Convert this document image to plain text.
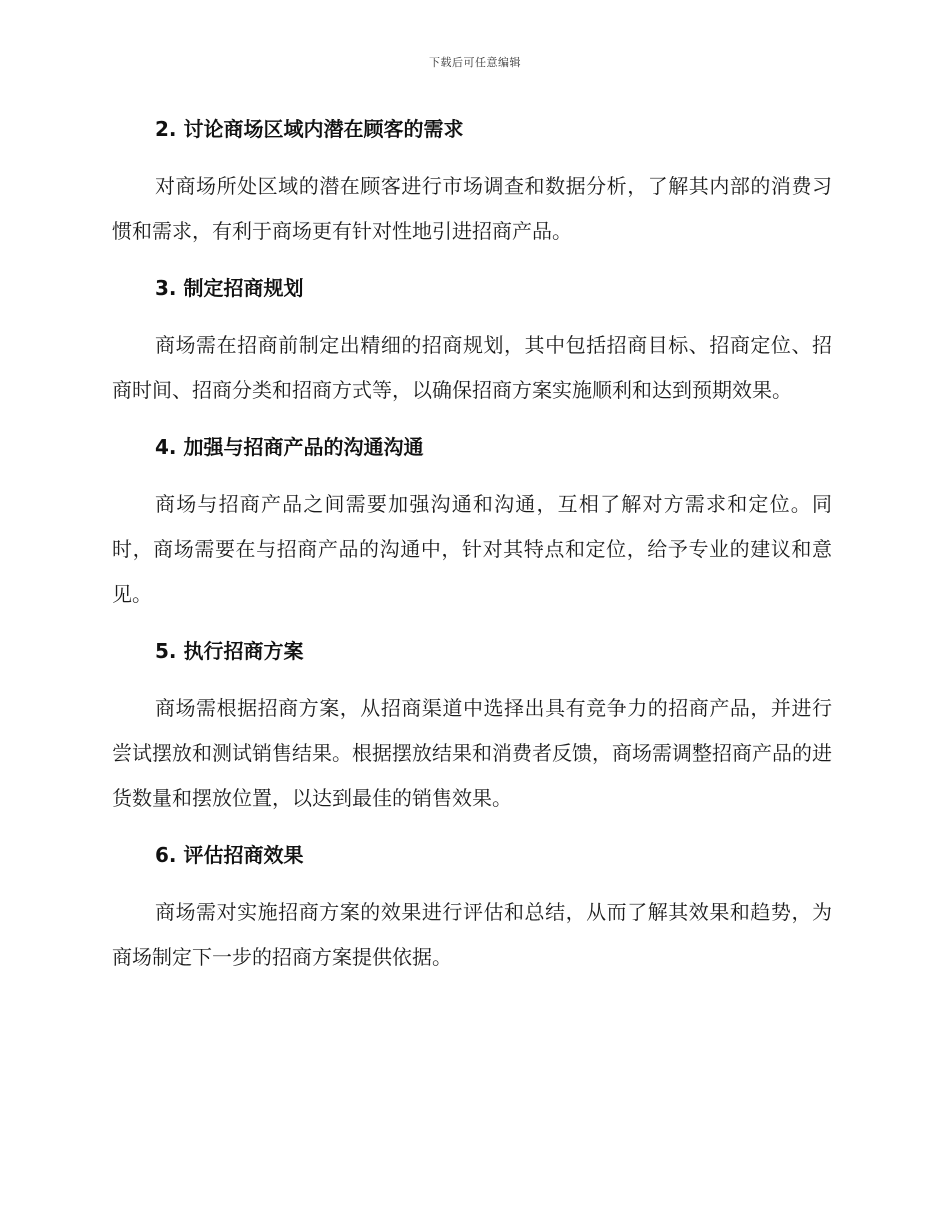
下载后可任意编辑
2. 讨论商场区域内潜在顾客的需求

对商场所处区域的潜在顾客进行市场调查和数据分析，了解其内部的消费习惯和需求，有利于商场更有针对性地引进招商产品。

3. 制定招商规划

商场需在招商前制定出精细的招商规划，其中包括招商目标、招商定位、招商时间、招商分类和招商方式等，以确保招商方案实施顺利和达到预期效果。

4. 加强与招商产品的沟通沟通

商场与招商产品之间需要加强沟通和沟通，互相了解对方需求和定位。同时，商场需要在与招商产品的沟通中，针对其特点和定位，给予专业的建议和意见。

5. 执行招商方案

商场需根据招商方案，从招商渠道中选择出具有竞争力的招商产品，并进行尝试摆放和测试销售结果。根据摆放结果和消费者反馈，商场需调整招商产品的进货数量和摆放位置，以达到最佳的销售效果。

6. 评估招商效果

商场需对实施招商方案的效果进行评估和总结，从而了解其效果和趋势，为商场制定下一步的招商方案提供依据。
